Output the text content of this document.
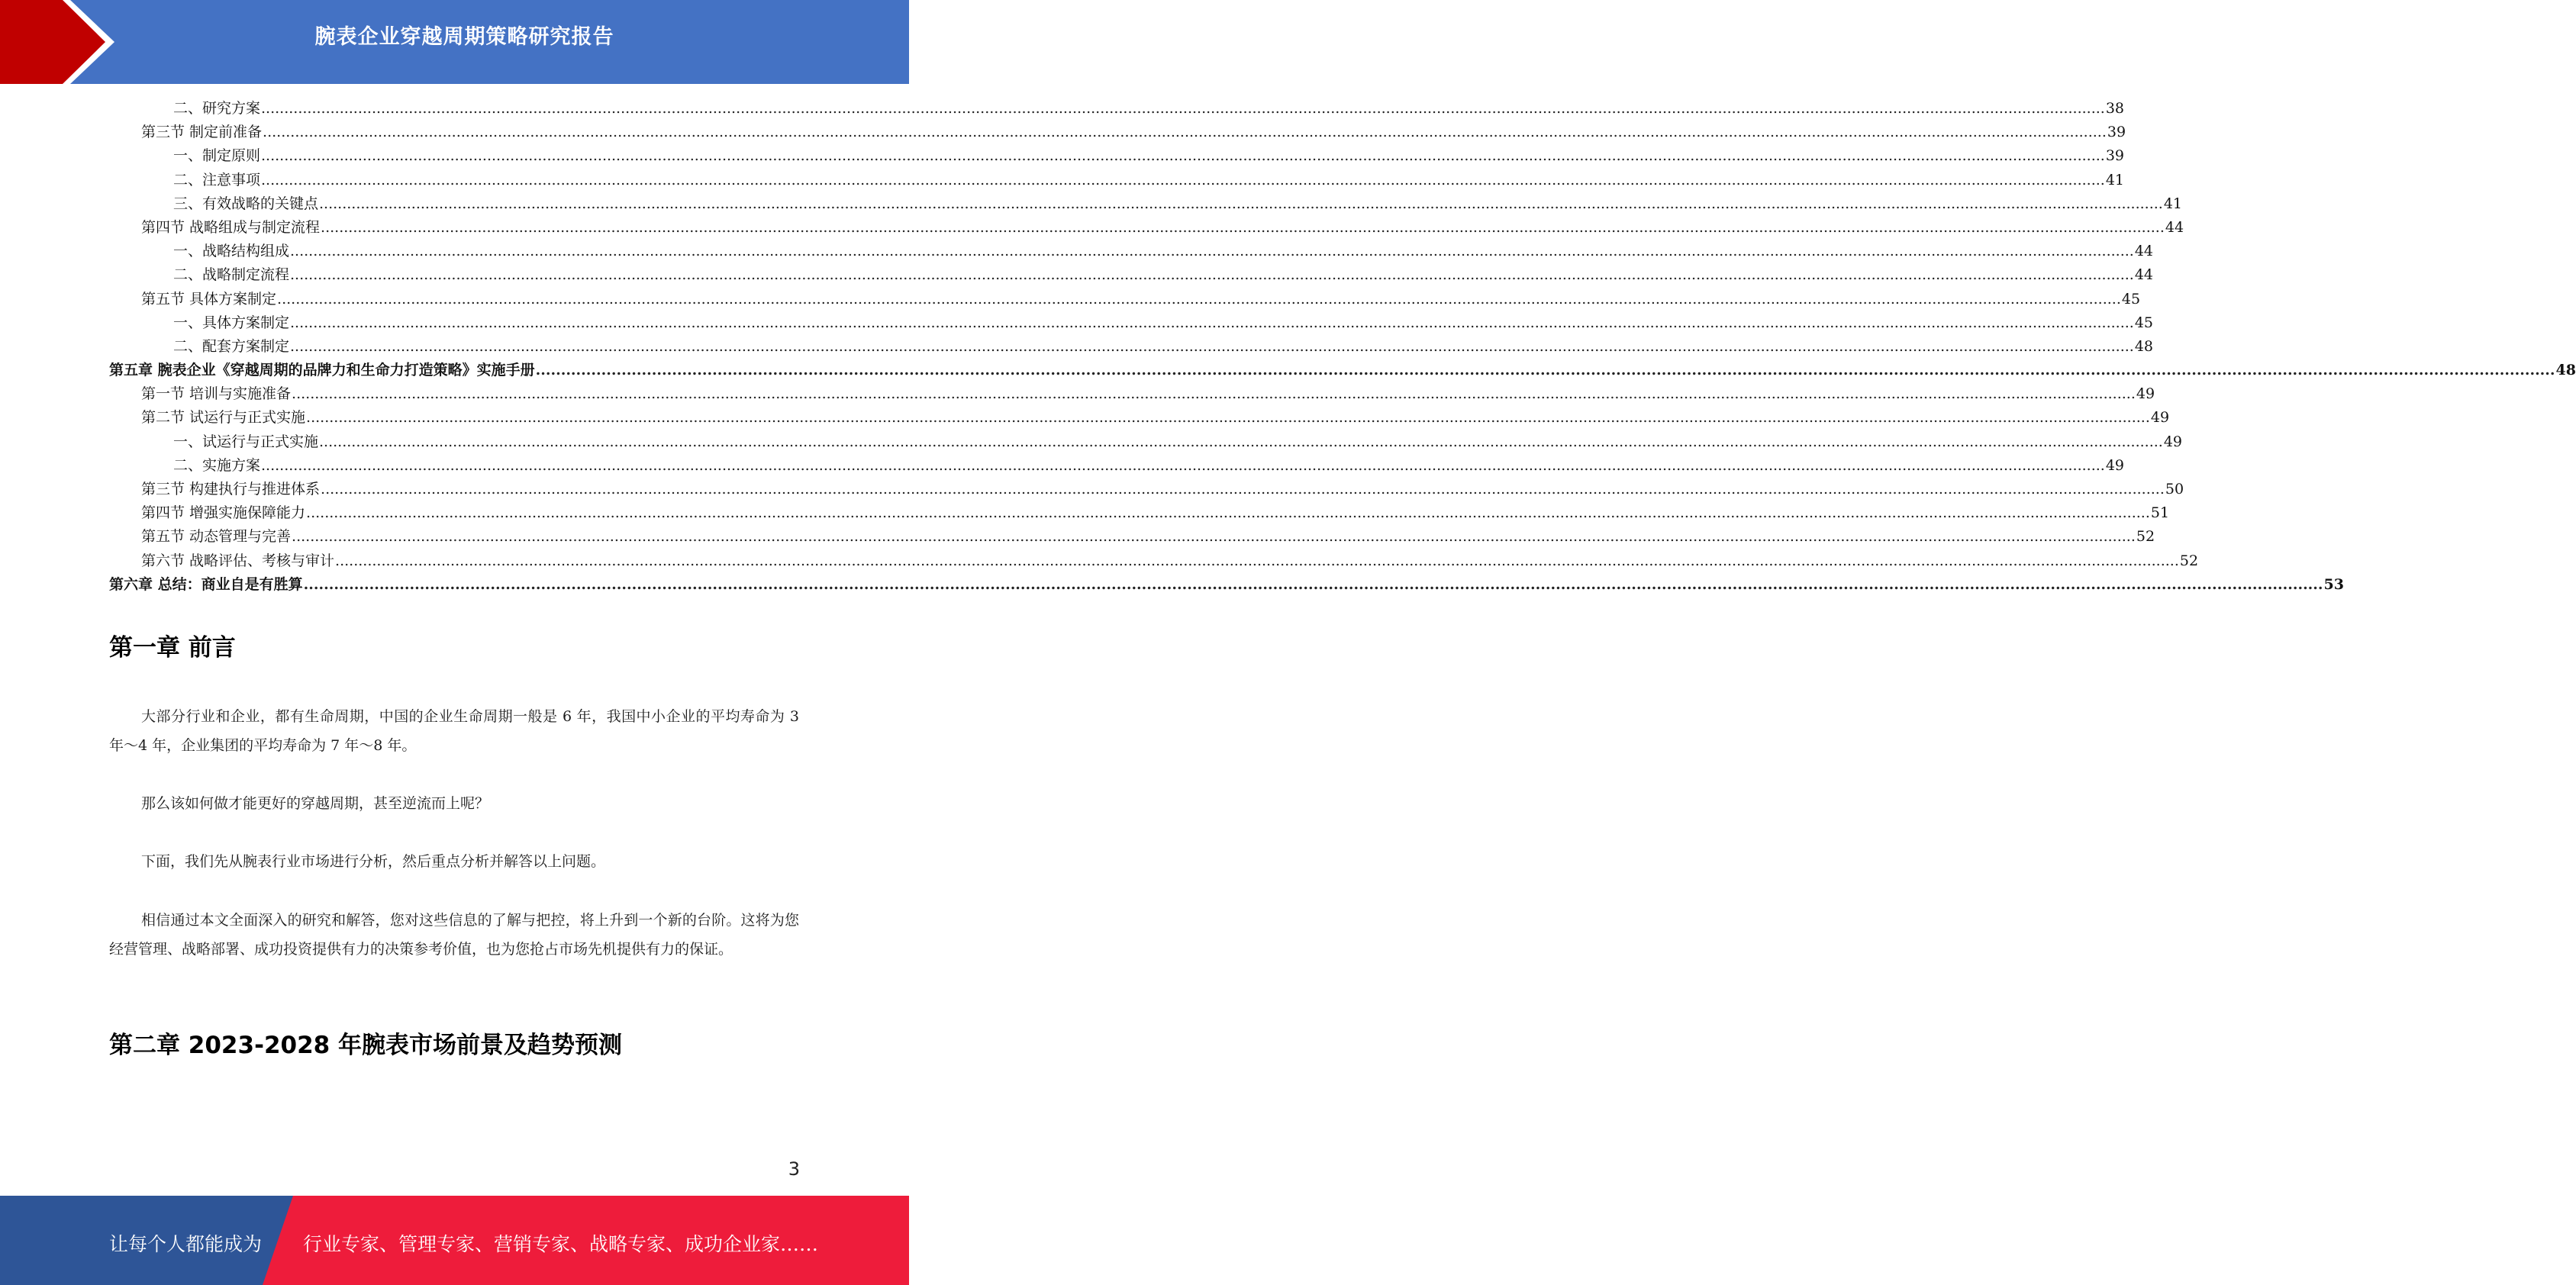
腕表企业穿越周期策略研究报告
二、研究方案 ................................................................................................................................................................................................................................................................................................................................................................................................................ 38
第三节 制定前准备 ................................................................................................................................................................................................................................................................................................................................................................................................................ 39
一、制定原则 ................................................................................................................................................................................................................................................................................................................................................................................................................ 39
二、注意事项 ................................................................................................................................................................................................................................................................................................................................................................................................................ 41
三、有效战略的关键点 ................................................................................................................................................................................................................................................................................................................................................................................................................ 41
第四节 战略组成与制定流程 ................................................................................................................................................................................................................................................................................................................................................................................................................ 44
一、战略结构组成 ................................................................................................................................................................................................................................................................................................................................................................................................................ 44
二、战略制定流程 ................................................................................................................................................................................................................................................................................................................................................................................................................ 44
第五节 具体方案制定 ................................................................................................................................................................................................................................................................................................................................................................................................................ 45
一、具体方案制定 ................................................................................................................................................................................................................................................................................................................................................................................................................ 45
二、配套方案制定 ................................................................................................................................................................................................................................................................................................................................................................................................................ 48
第五章 腕表企业《穿越周期的品牌力和生命力打造策略》实施手册 ................................................................................................................................................................................................................................................................................................................................................................................................................ 48
第一节 培训与实施准备 ................................................................................................................................................................................................................................................................................................................................................................................................................ 49
第二节 试运行与正式实施 ................................................................................................................................................................................................................................................................................................................................................................................................................ 49
一、试运行与正式实施 ................................................................................................................................................................................................................................................................................................................................................................................................................ 49
二、实施方案 ................................................................................................................................................................................................................................................................................................................................................................................................................ 49
第三节 构建执行与推进体系 ................................................................................................................................................................................................................................................................................................................................................................................................................ 50
第四节 增强实施保障能力 ................................................................................................................................................................................................................................................................................................................................................................................................................ 51
第五节 动态管理与完善 ................................................................................................................................................................................................................................................................................................................................................................................................................ 52
第六节 战略评估、考核与审计 ................................................................................................................................................................................................................................................................................................................................................................................................................ 52
第六章 总结：商业自是有胜算 ................................................................................................................................................................................................................................................................................................................................................................................................................ 53
第一章 前言
大部分行业和企业，都有生命周期，中国的企业生命周期一般是 6 年，我国中小企业的平均寿命为 3 年～4 年，企业集团的平均寿命为 7 年～8 年。
那么该如何做才能更好的穿越周期，甚至逆流而上呢？
下面，我们先从腕表行业市场进行分析，然后重点分析并解答以上问题。
相信通过本文全面深入的研究和解答，您对这些信息的了解与把控，将上升到一个新的台阶。这将为您经营管理、战略部署、成功投资提供有力的决策参考价值，也为您抢占市场先机提供有力的保证。
第二章 2023-2028 年腕表市场前景及趋势预测
3
让每个人都能成为 行业专家、管理专家、营销专家、战略专家、成功企业家……
